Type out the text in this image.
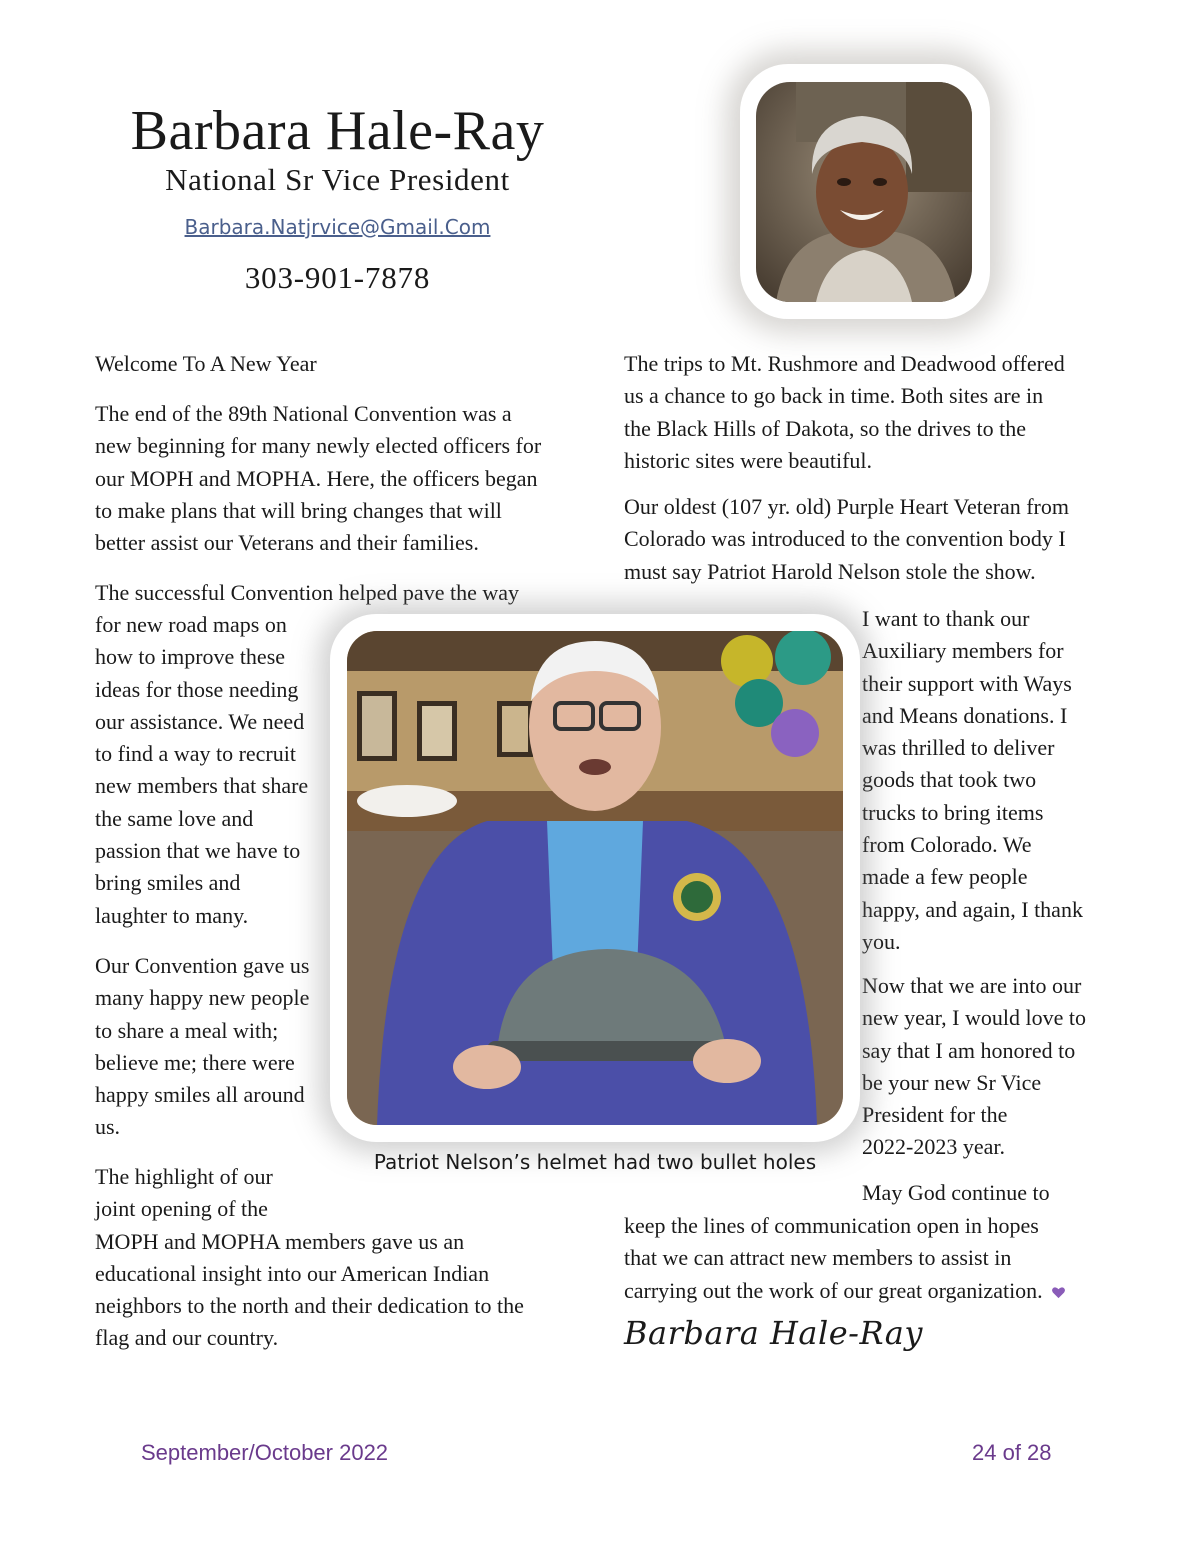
Barbara Hale-Ray
National Sr Vice President
Barbara.Natjrvice@Gmail.Com
303-901-7878
Welcome To A New Year
The end of the 89th National Convention was a
new beginning for many newly elected officers for
our MOPH and MOPHA. Here, the officers began
to make plans that will bring changes that will
better assist our Veterans and their families.
The successful Convention helped pave the way
for new road maps on
how to improve these
ideas for those needing
our assistance. We need
to find a way to recruit
new members that share
the same love and
passion that we have to
bring smiles and
laughter to many.
Our Convention gave us
many happy new people
to share a meal with;
believe me; there were
happy smiles all around
us.
The highlight of our
joint opening of the
MOPH and MOPHA members gave us an
educational insight into our American Indian
neighbors to the north and their dedication to the
flag and our country.
The trips to Mt. Rushmore and Deadwood offered
us a chance to go back in time. Both sites are in
the Black Hills of Dakota, so the drives to the
historic sites were beautiful.
Our oldest (107 yr. old) Purple Heart Veteran from
Colorado was introduced to the convention body I
must say Patriot Harold Nelson stole the show.
I want to thank our
Auxiliary members for
their support with Ways
and Means donations. I
was thrilled to deliver
goods that took two
trucks to bring items
from Colorado. We
made a few people
happy, and again, I thank
you.
Now that we are into our
new year, I would love to
say that I am honored to
be your new Sr Vice
President for the
2022-2023 year.
May God continue to
keep the lines of communication open in hopes
that we can attract new members to assist in
carrying out the work of our great organization.
Barbara Hale-Ray
Patriot Nelson’s helmet had two bullet holes
September/October 2022	24 of 28
